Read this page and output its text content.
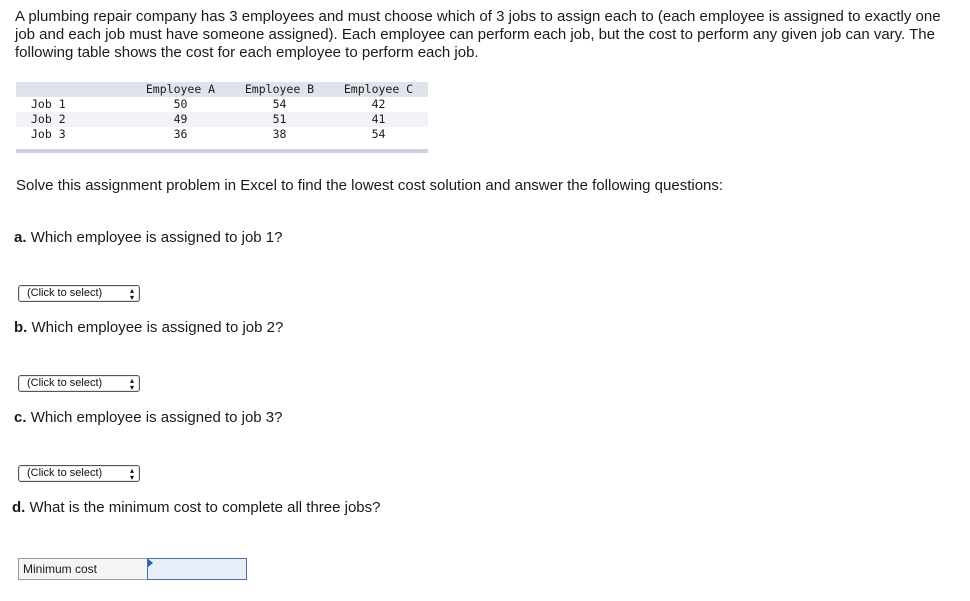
A plumbing repair company has 3 employees and must choose which of 3 jobs to assign each to (each employee is assigned to exactly one job and each job must have someone assigned). Each employee can perform each job, but the cost to perform any given job can vary. The following table shows the cost for each employee to perform each job.

	Employee A	Employee B	Employee C
Job 1	50	54	42
Job 2	49	51	41
Job 3	36	38	54

Solve this assignment problem in Excel to find the lowest cost solution and answer the following questions:

a. Which employee is assigned to job 1?

(Click to select)	▴
▾

b. Which employee is assigned to job 2?

(Click to select)	▴
▾

c. Which employee is assigned to job 3?

(Click to select)	▴
▾

d. What is the minimum cost to complete all three jobs?

Minimum cost
